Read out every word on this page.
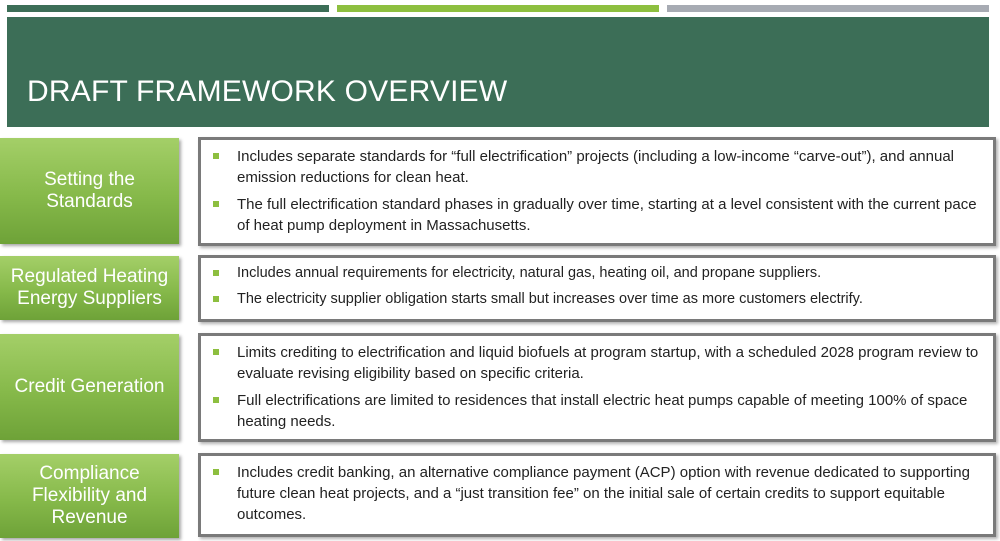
DRAFT FRAMEWORK OVERVIEW
Setting the Standards
Includes separate standards for “full electrification” projects (including a low-income “carve-out”), and annual emission reductions for clean heat.
The full electrification standard phases in gradually over time, starting at a level consistent with the current pace of heat pump deployment in Massachusetts.
Regulated Heating Energy Suppliers
Includes annual requirements for electricity, natural gas, heating oil, and propane suppliers.
The electricity supplier obligation starts small but increases over time as more customers electrify.
Credit Generation
Limits crediting to electrification and liquid biofuels at program startup, with a scheduled 2028 program review to evaluate revising eligibility based on specific criteria.
Full electrifications are limited to residences that install electric heat pumps capable of meeting 100% of space heating needs.
Compliance Flexibility and Revenue
Includes credit banking, an alternative compliance payment (ACP) option with revenue dedicated to supporting future clean heat projects, and a “just transition fee” on the initial sale of certain credits to support equitable outcomes.
